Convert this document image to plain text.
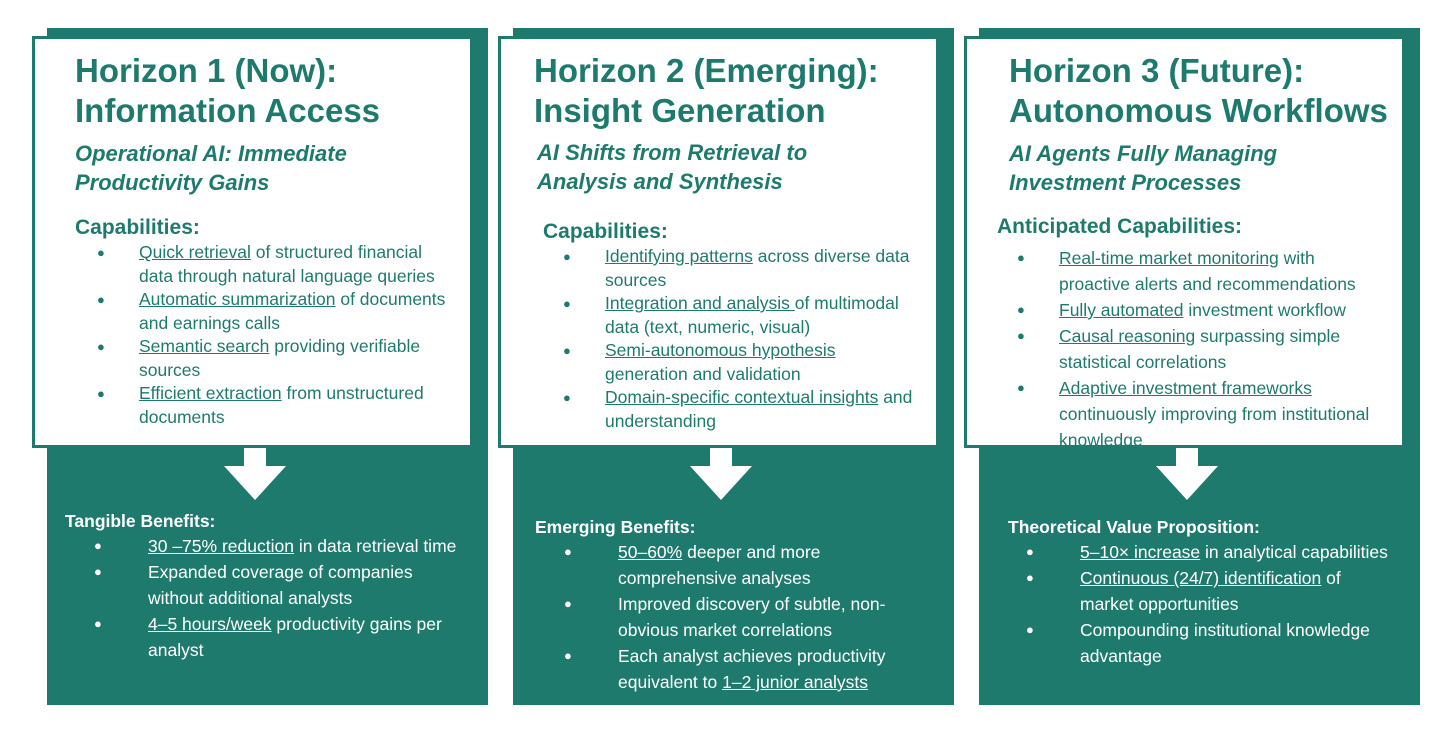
Horizon 1 (Now):
Information Access
Operational AI: Immediate
Productivity Gains
Capabilities:
●	Quick retrieval of structured financial data through natural language queries
●	Automatic summarization of documents and earnings calls
●	Semantic search providing verifiable sources
●	Efficient extraction from unstructured documents
Tangible Benefits:
●	30 –75% reduction in data retrieval time
●	Expanded coverage of companies without additional analysts
●	4–5 hours/week productivity gains per analyst
Horizon 2 (Emerging):
Insight Generation
AI Shifts from Retrieval to
Analysis and Synthesis
Capabilities:
●	Identifying patterns across diverse data sources
●	Integration and analysis of multimodal data (text, numeric, visual)
●	Semi-autonomous hypothesis generation and validation
●	Domain-specific contextual insights and understanding
Emerging Benefits:
●	50–60% deeper and more comprehensive analyses
●	Improved discovery of subtle, non-obvious market correlations
●	Each analyst achieves productivity equivalent to 1–2 junior analysts
Horizon 3 (Future):
Autonomous Workflows
AI Agents Fully Managing
Investment Processes
Anticipated Capabilities:
●	Real-time market monitoring with proactive alerts and recommendations
●	Fully automated investment workflow
●	Causal reasoning surpassing simple statistical correlations
●	Adaptive investment frameworks continuously improving from institutional knowledge
Theoretical Value Proposition:
●	5–10× increase in analytical capabilities
●	Continuous (24/7) identification of market opportunities
●	Compounding institutional knowledge advantage
